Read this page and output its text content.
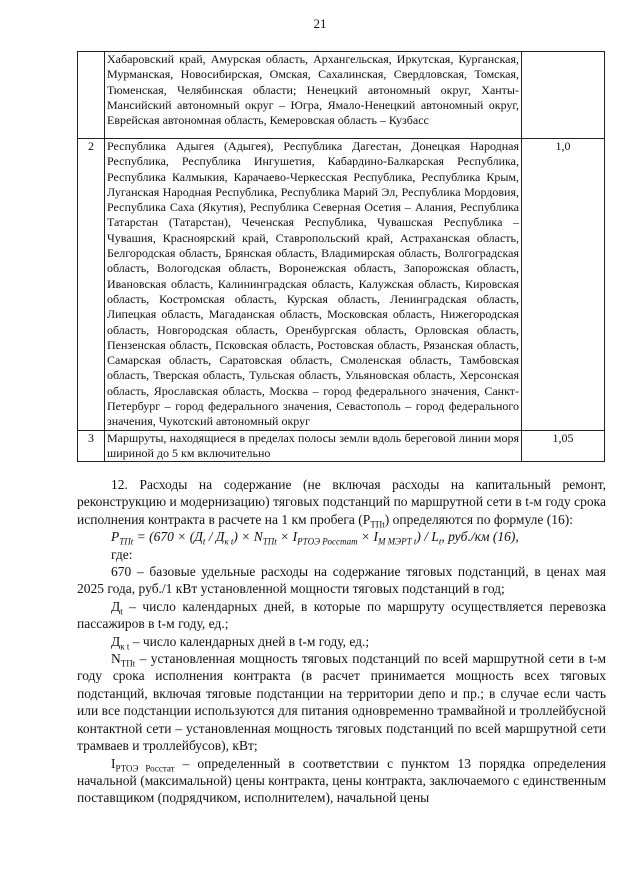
21
	Хабаровский край, Амурская область, Архангельская, Иркутская, Курганская, Мурманская, Новосибирская, Омская, Сахалинская, Свердловская, Томская, Тюменская, Челябинская области; Ненецкий автономный округ, Ханты-Мансийский автономный округ – Югра, Ямало-Ненецкий автономный округ, Еврейская автономная область, Кемеровская область – Кузбасс	
2	Республика Адыгея (Адыгея), Республика Дагестан, Донецкая Народная Республика, Республика Ингушетия, Кабардино-Балкарская Республика, Республика Калмыкия, Карачаево-Черкесская Республика, Республика Крым, Луганская Народная Республика, Республика Марий Эл, Республика Мордовия, Республика Саха (Якутия), Республика Северная Осетия – Алания, Республика Татарстан (Татарстан), Чеченская Республика, Чувашская Республика – Чувашия, Красноярский край, Ставропольский край, Астраханская область, Белгородская область, Брянская область, Владимирская область, Волгоградская область, Вологодская область, Воронежская область, Запорожская область, Ивановская область, Калининградская область, Калужская область, Кировская область, Костромская область, Курская область, Ленинградская область, Липецкая область, Магаданская область, Московская область, Нижегородская область, Новгородская область, Оренбургская область, Орловская область, Пензенская область, Псковская область, Ростовская область, Рязанская область, Самарская область, Саратовская область, Смоленская область, Тамбовская область, Тверская область, Тульская область, Ульяновская область, Херсонская область, Ярославская область, Москва – город федерального значения, Санкт-Петербург – город федерального значения, Севастополь – город федерального значения, Чукотский автономный округ	1,0
3	Маршруты, находящиеся в пределах полосы земли вдоль береговой линии моря шириной до 5 км включительно	1,05

12. Расходы на содержание (не включая расходы на капитальный ремонт, реконструкцию и модернизацию) тяговых подстанций по маршрутной сети в t-м году срока исполнения контракта в расчете на 1 км пробега $(P_{ТПt})$ определяются по формуле (16):

$P_{ТПt} = (670 \times (Д_t / Д_{к t}) \times N_{ТПt} \times I_{РТОЭ Росстат} \times I_{М МЭРТ t}) / L_t$, руб./км (16),

где:

670 – базовые удельные расходы на содержание тяговых подстанций, в ценах мая 2025 года, руб./1 кВт установленной мощности тяговых подстанций в год;

$Д_t$ – число календарных дней, в которые по маршруту осуществляется перевозка пассажиров в t-м году, ед.;

$Д_{к t}$ – число календарных дней в t-м году, ед.;

$N_{ТПt}$ – установленная мощность тяговых подстанций по всей маршрутной сети в t-м году срока исполнения контракта (в расчет принимается мощность всех тяговых подстанций, включая тяговые подстанции на территории депо и пр.; в случае если часть или все подстанции используются для питания одновременно трамвайной и троллейбусной контактной сети – установленная мощность тяговых подстанций по всей маршрутной сети трамваев и троллейбусов), кВт;

$I_{РТОЭ Росстат}$ – определенный в соответствии с пунктом 13 порядка определения начальной (максимальной) цены контракта, цены контракта, заключаемого с единственным поставщиком (подрядчиком, исполнителем), начальной цены
